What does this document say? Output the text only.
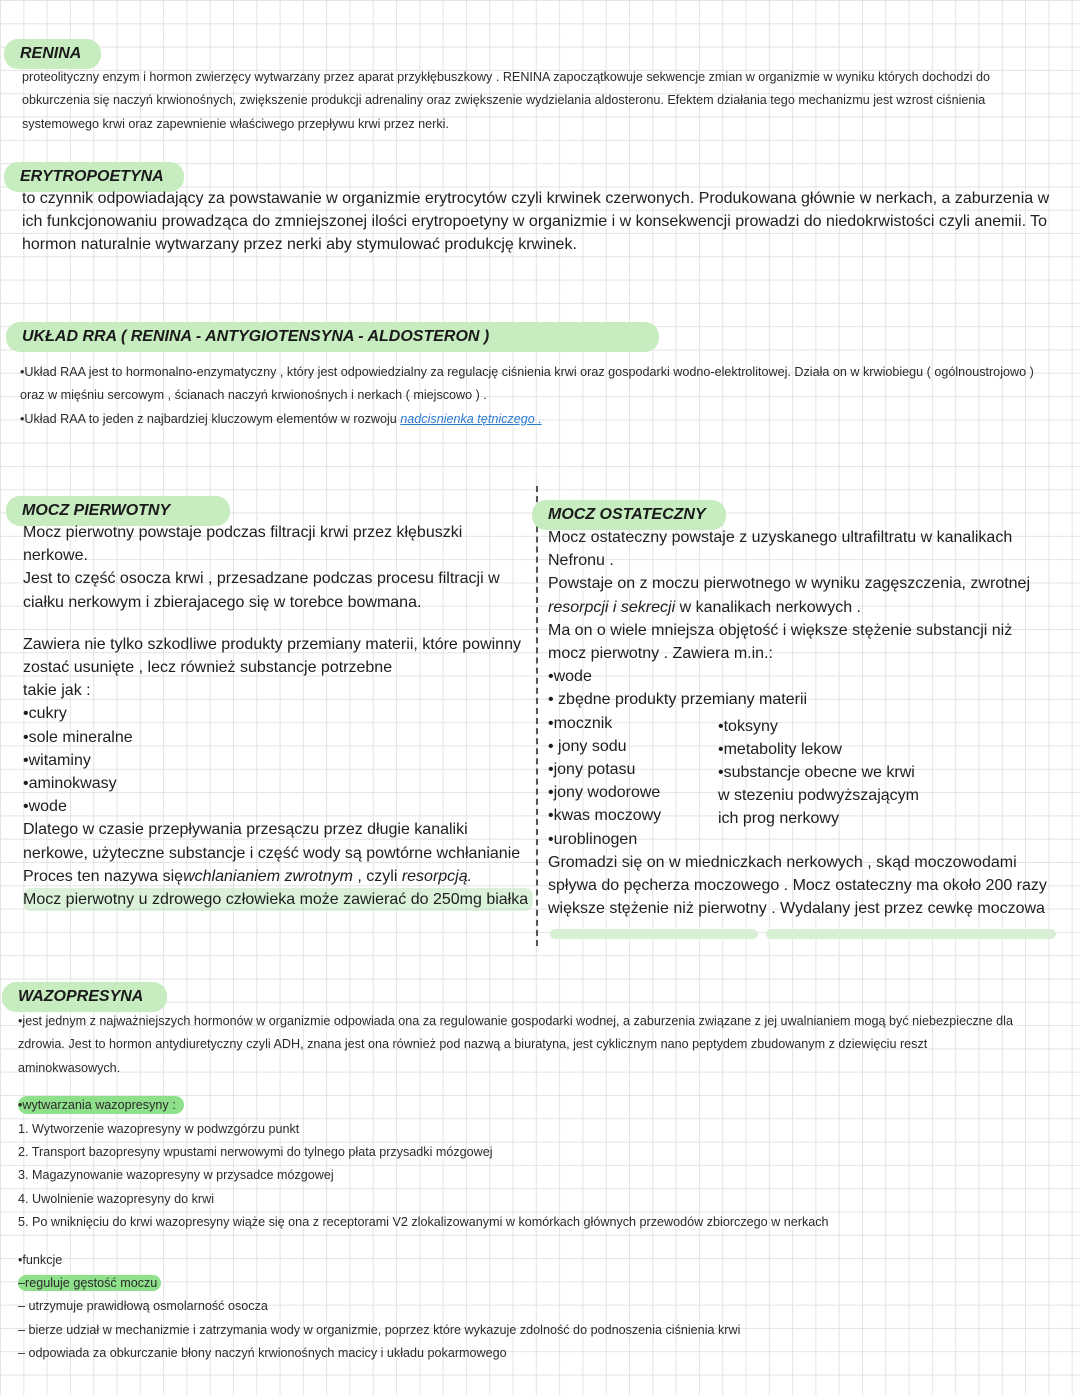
RENINA

proteolityczny enzym i hormon zwierzęcy wytwarzany przez aparat przykłębuszkowy . RENINA zapoczątkowuje sekwencje zmian w organizmie w wyniku których dochodzi do

obkurczenia się naczyń krwionośnych, zwiększenie produkcji adrenaliny oraz zwiększenie wydzielania aldosteronu. Efektem działania tego mechanizmu jest wzrost ciśnienia

systemowego krwi oraz zapewnienie właściwego przepływu krwi przez nerki.

ERYTROPOETYNA

to czynnik odpowiadający za powstawanie w organizmie erytrocytów czyli krwinek czerwonych. Produkowana głównie w nerkach, a zaburzenia w

ich funkcjonowaniu prowadząca do zmniejszonej ilości erytropoetyny w organizmie i w konsekwencji prowadzi do niedokrwistości czyli anemii. To

hormon naturalnie wytwarzany przez nerki aby stymulować produkcję krwinek.

UKŁAD RRA ( RENINA - ANTYGIOTENSYNA - ALDOSTERON )

•Układ RAA jest to hormonalno-enzymatyczny , który jest odpowiedzialny za regulację ciśnienia krwi oraz gospodarki wodno-elektrolitowej. Działa on w krwiobiegu ( ogólnoustrojowo )

oraz w mięśniu sercowym , ścianach naczyń krwionośnych i nerkach ( miejscowo ) .

•Układ RAA to jeden z najbardziej kluczowym elementów w rozwoju nadcisnienka tętniczego .

MOCZ PIERWOTNY

Mocz pierwotny powstaje podczas filtracji krwi przez kłębuszki

nerkowe.

Jest to część osocza krwi , przesadzane podczas procesu filtracji w

ciałku nerkowym i zbierajacego się w torebce bowmana.

Zawiera nie tylko szkodliwe produkty przemiany materii, które powinny

zostać usunięte , lecz również substancje potrzebne

takie jak :

•cukry

•sole mineralne

•witaminy

•aminokwasy

•wode

Dlatego w czasie przepływania przesączu przez długie kanaliki

nerkowe, użyteczne substancje i część wody są powtórne wchłanianie

Proces ten nazywa sięwchlanianiem zwrotnym , czyli resorpcją.

Mocz pierwotny u zdrowego człowieka może zawierać do 250mg białka

MOCZ OSTATECZNY

Mocz ostateczny powstaje z uzyskanego ultrafiltratu w kanalikach

Nefronu .

Powstaje on z moczu pierwotnego w wyniku zagęszczenia, zwrotnej

resorpcji i sekrecji w kanalikach nerkowych .

Ma on o wiele mniejsza objętość i większe stężenie substancji niż

mocz pierwotny . Zawiera m.in.:

•wode

• zbędne produkty przemiany materii

•mocznik

• jony sodu

•jony potasu

•jony wodorowe

•kwas moczowy

•uroblinogen

•toksyny

•metabolity lekow

•substancje obecne we krwi

w stezeniu podwyższającym

ich prog nerkowy

Gromadzi się on w miedniczkach nerkowych , skąd moczowodami

spływa do pęcherza moczowego . Mocz ostateczny ma około 200 razy

większe stężenie niż pierwotny . Wydalany jest przez cewkę moczowa

WAZOPRESYNA

•jest jednym z najważniejszych hormonów w organizmie odpowiada ona za regulowanie gospodarki wodnej, a zaburzenia związane z jej uwalnianiem mogą być niebezpieczne dla

zdrowia. Jest to hormon antydiuretyczny czyli ADH, znana jest ona również pod nazwą a biuratyna, jest cyklicznym nano peptydem zbudowanym z dziewięciu reszt

aminokwasowych.

•wytwarzania wazopresyny :

1. Wytworzenie wazopresyny w podwzgórzu punkt

2. Transport bazopresyny wpustami nerwowymi do tylnego płata przysadki mózgowej

3. Magazynowanie wazopresyny w przysadce mózgowej

4. Uwolnienie wazopresyny do krwi

5. Po wniknięciu do krwi wazopresyny wiąże się ona z receptorami V2 zlokalizowanymi w komórkach głównych przewodów zbiorczego w nerkach

•funkcje

–reguluje gęstość moczu

– utrzymuje prawidłową osmolarność osocza

– bierze udział w mechanizmie i zatrzymania wody w organizmie, poprzez które wykazuje zdolność do podnoszenia ciśnienia krwi

– odpowiada za obkurczanie błony naczyń krwionośnych macicy i układu pokarmowego
